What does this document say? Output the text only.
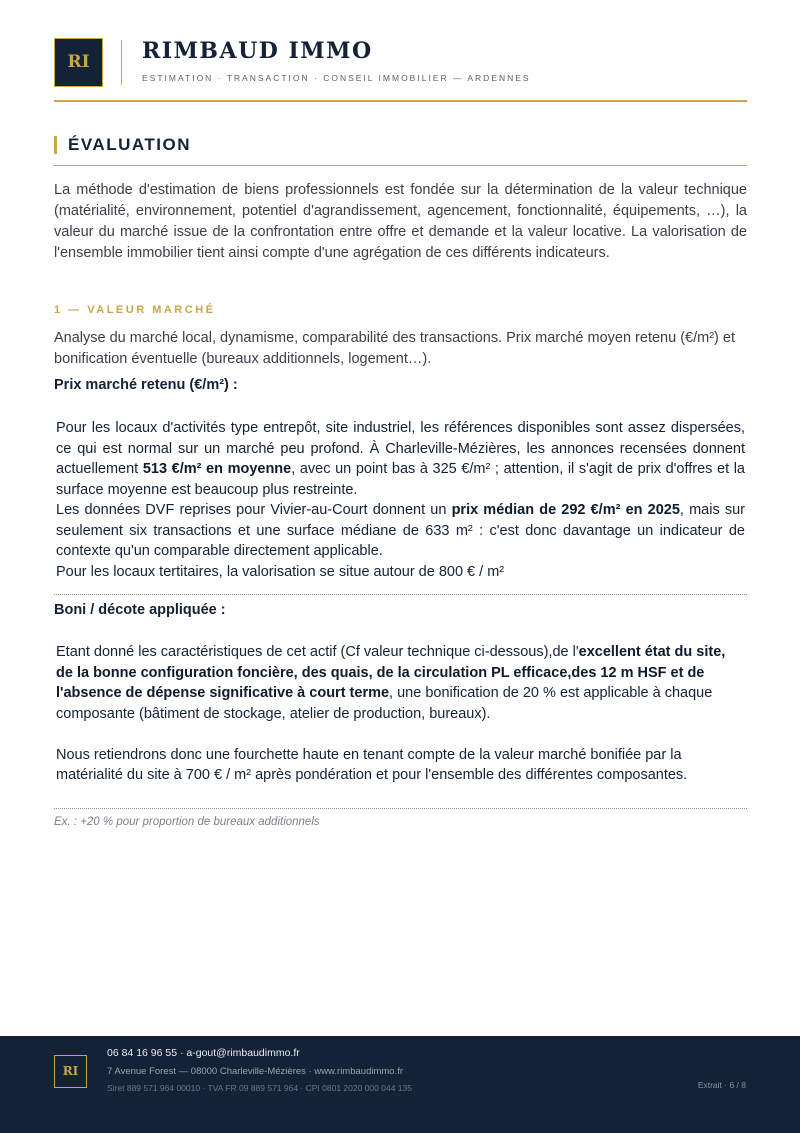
RI	RIMBAUD IMMO
ESTIMATION · TRANSACTION · CONSEIL IMMOBILIER — ARDENNES
ÉVALUATION

La méthode d'estimation de biens professionnels est fondée sur la détermination de la valeur technique (matérialité, environnement, potentiel d'agrandissement, agencement, fonctionnalité, équipements, …), la valeur du marché issue de la confrontation entre offre et demande et la valeur locative. La valorisation de l'ensemble immobilier tient ainsi compte d'une agrégation de ces différents indicateurs.

1 — VALEUR MARCHÉ

Analyse du marché local, dynamisme, comparabilité des transactions. Prix marché moyen retenu (€/m²) et bonification éventuelle (bureaux additionnels, logement…).

Prix marché retenu (€/m²) :
Pour les locaux d'activités type entrepôt, site industriel, les références disponibles sont assez dispersées, ce qui est normal sur un marché peu profond. À Charleville-Mézières, les annonces recensées donnent actuellement 513 €/m² en moyenne, avec un point bas à 325 €/m² ; attention, il s'agit de prix d'offres et la surface moyenne est beaucoup plus restreinte.
Les données DVF reprises pour Vivier-au-Court donnent un prix médian de 292 €/m² en 2025, mais sur seulement six transactions et une surface médiane de 633 m² : c'est donc davantage un indicateur de contexte qu'un comparable directement applicable.
Pour les locaux tertitaires, la valorisation se situe autour de 800 € / m²
Boni / décote appliquée :

Etant donné les caractéristiques de cet actif (Cf valeur technique ci-dessous),de l'excellent état du site, de la bonne configuration foncière, des quais, de la circulation PL efficace,des 12 m HSF et de l'absence de dépense significative à court terme, une bonification de 20 % est applicable à chaque composante (bâtiment de stockage, atelier de production, bureaux).

Nous retiendrons donc une fourchette haute en tenant compte de la valeur marché bonifiée par la matérialité du site à 700 € / m² après pondération et pour l'ensemble des différentes composantes.

Ex. : +20 % pour proportion de bureaux additionnels
RI
06 84 16 96 55 · a-gout@rimbaudimmo.fr
7 Avenue Forest — 08000 Charleville-Mézières · www.rimbaudimmo.fr
Siret 889 571 964 00010 · TVA FR 09 889 571 964 · CPI 0801 2020 000 044 135	Extrait · 6 / 8
